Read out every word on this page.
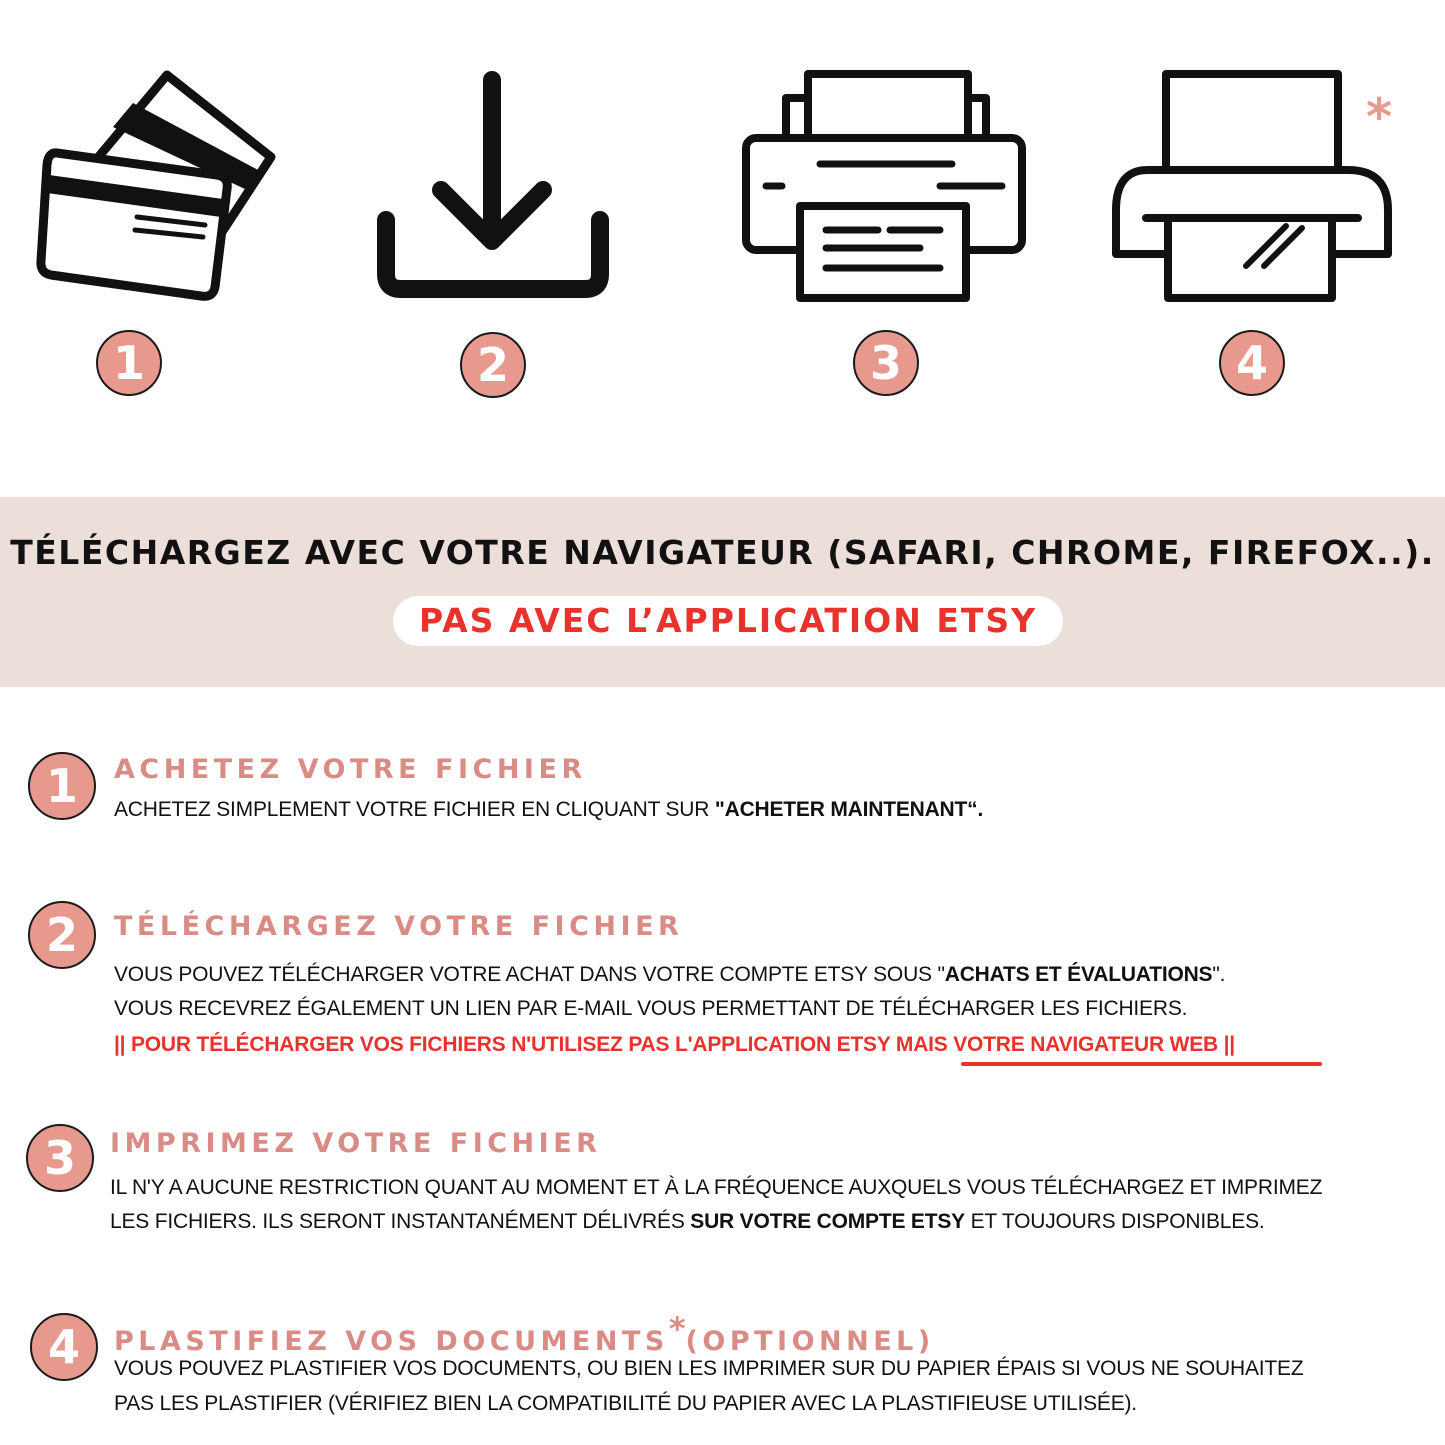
*
1	2	3	4
TÉLÉCHARGEZ AVEC VOTRE NAVIGATEUR (SAFARI, CHROME, FIREFOX..).
PAS AVEC L’APPLICATION ETSY
1	ACHETEZ VOTRE FICHIER
ACHETEZ SIMPLEMENT VOTRE FICHIER EN CLIQUANT SUR "ACHETER MAINTENANT“.
2	TÉLÉCHARGEZ VOTRE FICHIER
VOUS POUVEZ TÉLÉCHARGER VOTRE ACHAT DANS VOTRE COMPTE ETSY SOUS "ACHATS ET ÉVALUATIONS".
VOUS RECEVREZ ÉGALEMENT UN LIEN PAR E-MAIL VOUS PERMETTANT DE TÉLÉCHARGER LES FICHIERS.
|| POUR TÉLÉCHARGER VOS FICHIERS N'UTILISEZ PAS L'APPLICATION ETSY MAIS VOTRE NAVIGATEUR WEB ||
3	IMPRIMEZ VOTRE FICHIER
IL N'Y A AUCUNE RESTRICTION QUANT AU MOMENT ET À LA FRÉQUENCE AUXQUELS VOUS TÉLÉCHARGEZ ET IMPRIMEZ
LES FICHIERS. ILS SERONT INSTANTANÉMENT DÉLIVRÉS SUR VOTRE COMPTE ETSY ET TOUJOURS DISPONIBLES.
4	PLASTIFIEZ VOS DOCUMENTS*(OPTIONNEL)
VOUS POUVEZ PLASTIFIER VOS DOCUMENTS, OU BIEN LES IMPRIMER SUR DU PAPIER ÉPAIS SI VOUS NE SOUHAITEZ
PAS LES PLASTIFIER (VÉRIFIEZ BIEN LA COMPATIBILITÉ DU PAPIER AVEC LA PLASTIFIEUSE UTILISÉE).
